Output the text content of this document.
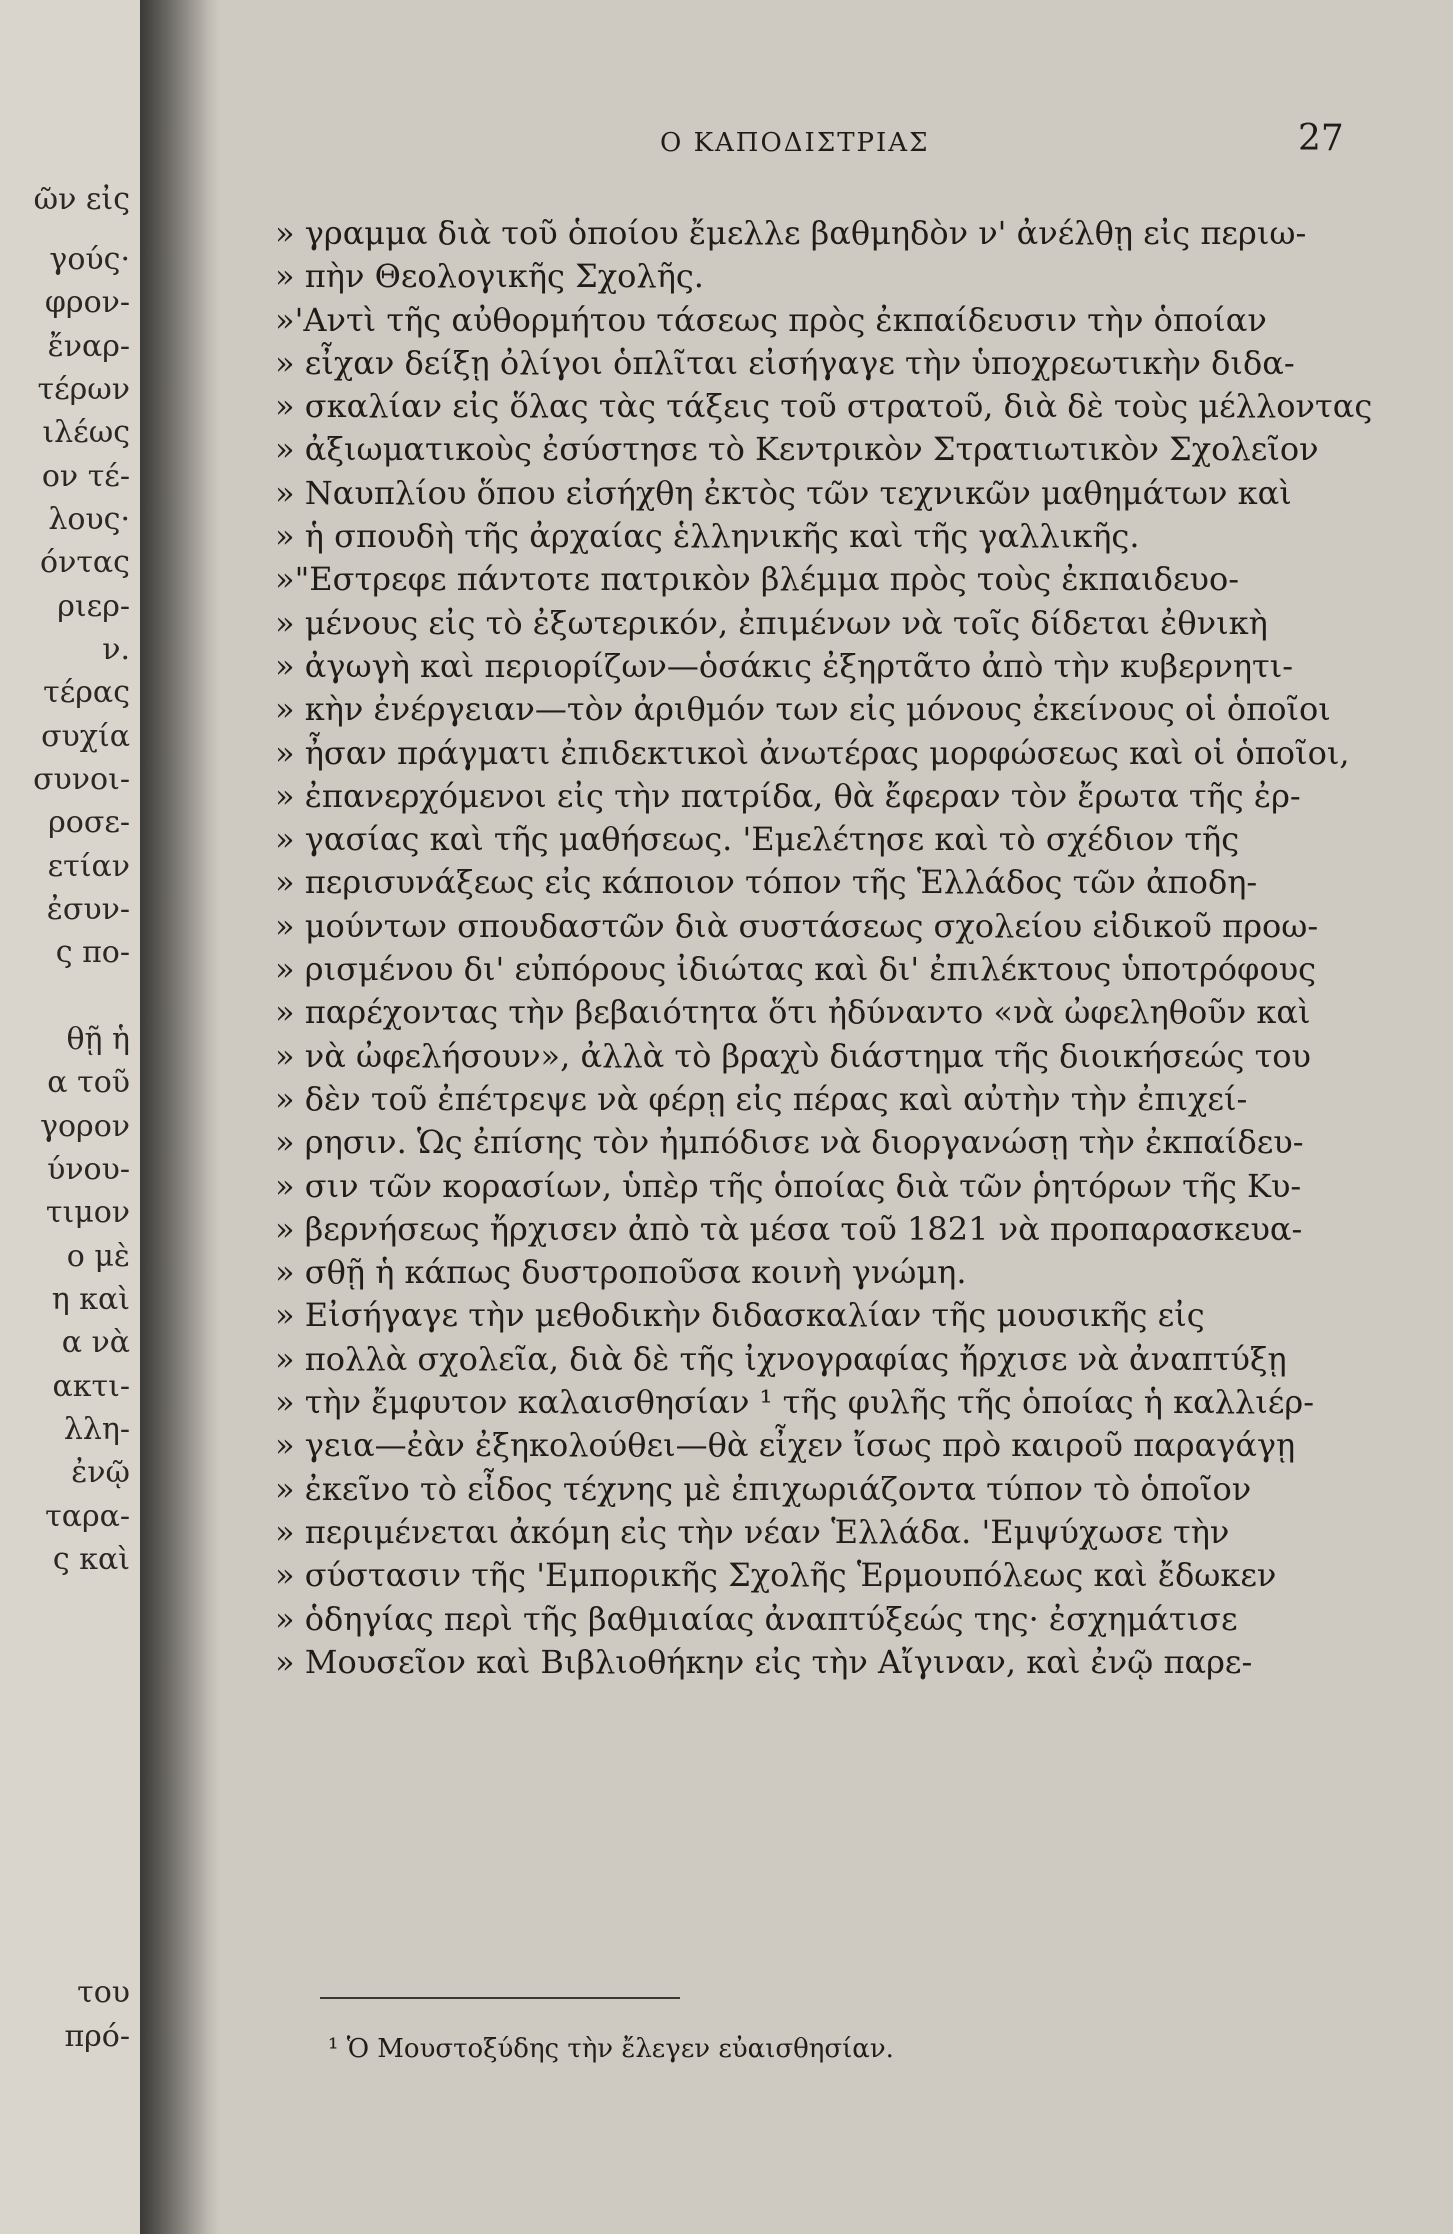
ῶν εἰς
γούς·
φρον-
ἔναρ-
τέρων
ιλέως
ον τέ-
λους·
όντας
ριερ-
ν.
τέρας
συχία
συνοι-
ροσε-
ετίαν
ἐσυν-
ς πο-
θῇ ἡ
α τοῦ
γορον
ύνου-
τιμον
ο μὲ
η καὶ
α νὰ
ακτι-
λλη-
ἐνῷ
ταρα-
ς καὶ
του
πρό-
Ο ΚΑΠΟΔΙΣΤΡΙΑΣ	27
» γραμμα διὰ τοῦ ὁποίου ἔμελλε βαθμηδὸν ν' ἀνέλθῃ εἰς περιω-
» πὴν Θεολογικῆς Σχολῆς.
»'Αντὶ τῆς αὐθορμήτου τάσεως πρὸς ἐκπαίδευσιν τὴν ὁποίαν
» εἶχαν δείξῃ ὀλίγοι ὁπλῖται εἰσήγαγε τὴν ὑποχρεωτικὴν διδα-
» σκαλίαν εἰς ὅλας τὰς τάξεις τοῦ στρατοῦ, διὰ δὲ τοὺς μέλλοντας
» ἀξιωματικοὺς ἐσύστησε τὸ Κεντρικὸν Στρατιωτικὸν Σχολεῖον
» Ναυπλίου ὅπου εἰσήχθη ἐκτὸς τῶν τεχνικῶν μαθημάτων καὶ
» ἡ σπουδὴ τῆς ἀρχαίας ἑλληνικῆς καὶ τῆς γαλλικῆς.
»"Εστρεφε πάντοτε πατρικὸν βλέμμα πρὸς τοὺς ἐκπαιδευο-
» μένους εἰς τὸ ἐξωτερικόν, ἐπιμένων νὰ τοῖς δίδεται ἐθνικὴ
» ἀγωγὴ καὶ περιορίζων—ὁσάκις ἐξηρτᾶτο ἀπὸ τὴν κυβερνητι-
» κὴν ἐνέργειαν—τὸν ἀριθμόν των εἰς μόνους ἐκείνους οἱ ὁποῖοι
» ἦσαν πράγματι ἐπιδεκτικοὶ ἀνωτέρας μορφώσεως καὶ οἱ ὁποῖοι,
» ἐπανερχόμενοι εἰς τὴν πατρίδα, θὰ ἔφεραν τὸν ἔρωτα τῆς ἐρ-
» γασίας καὶ τῆς μαθήσεως. 'Εμελέτησε καὶ τὸ σχέδιον τῆς
» περισυνάξεως εἰς κάποιον τόπον τῆς Ἑλλάδος τῶν ἀποδη-
» μούντων σπουδαστῶν διὰ συστάσεως σχολείου εἰδικοῦ προω-
» ρισμένου δι' εὐπόρους ἰδιώτας καὶ δι' ἐπιλέκτους ὑποτρόφους
» παρέχοντας τὴν βεβαιότητα ὅτι ἠδύναντο «νὰ ὠφεληθοῦν καὶ
» νὰ ὠφελήσουν», ἀλλὰ τὸ βραχὺ διάστημα τῆς διοικήσεώς του
» δὲν τοῦ ἐπέτρεψε νὰ φέρῃ εἰς πέρας καὶ αὐτὴν τὴν ἐπιχεί-
» ρησιν. Ὡς ἐπίσης τὸν ἠμπόδισε νὰ διοργανώσῃ τὴν ἐκπαίδευ-
» σιν τῶν κορασίων, ὑπὲρ τῆς ὁποίας διὰ τῶν ῥητόρων τῆς Κυ-
» βερνήσεως ἤρχισεν ἀπὸ τὰ μέσα τοῦ 1821 νὰ προπαρασκευα-
» σθῇ ἡ κάπως δυστροποῦσα κοινὴ γνώμη.
» Εἰσήγαγε τὴν μεθοδικὴν διδασκαλίαν τῆς μουσικῆς εἰς
» πολλὰ σχολεῖα, διὰ δὲ τῆς ἰχνογραφίας ἤρχισε νὰ ἀναπτύξῃ
» τὴν ἔμφυτον καλαισθησίαν ¹ τῆς φυλῆς τῆς ὁποίας ἡ καλλιέρ-
» γεια—ἐὰν ἐξηκολούθει—θὰ εἶχεν ἴσως πρὸ καιροῦ παραγάγῃ
» ἐκεῖνο τὸ εἶδος τέχνης μὲ ἐπιχωριάζοντα τύπον τὸ ὁποῖον
» περιμένεται ἀκόμη εἰς τὴν νέαν Ἑλλάδα. 'Εμψύχωσε τὴν
» σύστασιν τῆς 'Εμπορικῆς Σχολῆς Ἑρμουπόλεως καὶ ἔδωκεν
» ὁδηγίας περὶ τῆς βαθμιαίας ἀναπτύξεώς της· ἐσχημάτισε
» Μουσεῖον καὶ Βιβλιοθήκην εἰς τὴν Αἴγιναν, καὶ ἐνῷ παρε-
¹ Ὁ Μουστοξύδης τὴν ἔλεγεν εὐαισθησίαν.
